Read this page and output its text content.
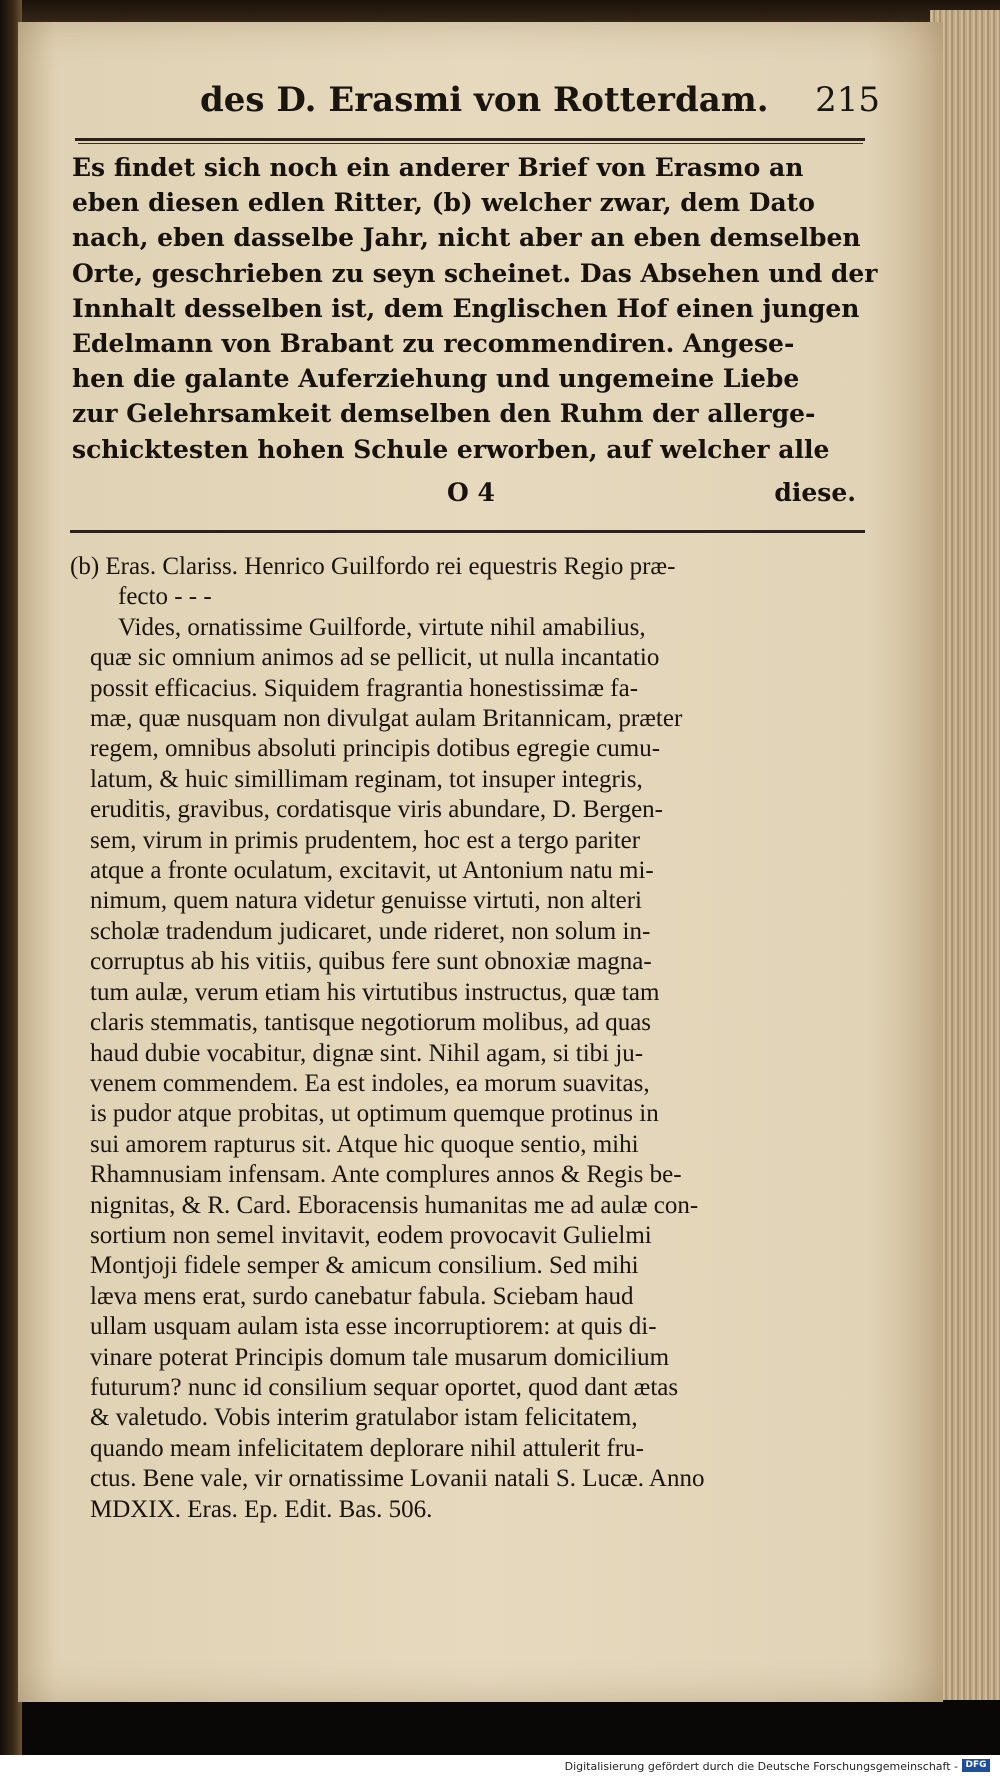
des D. Erasmi von Rotterdam. 215
Es findet sich noch ein anderer Brief von Erasmo an
eben diesen edlen Ritter, (b) welcher zwar, dem Dato
nach, eben dasselbe Jahr, nicht aber an eben demselben
Orte, geschrieben zu seyn scheinet. Das Absehen und der
Innhalt desselben ist, dem Englischen Hof einen jungen
Edelmann von Brabant zu recommendiren. Angese-
hen die galante Auferziehung und ungemeine Liebe
zur Gelehrsamkeit demselben den Ruhm der allerge-
schicktesten hohen Schule erworben, auf welcher alle
O 4	diese.
(b) Eras. Clariss. Henrico Guilfordo rei equestris Regio præ-
fecto - - -
Vides, ornatissime Guilforde, virtute nihil amabilius,
quæ sic omnium animos ad se pellicit, ut nulla incantatio
possit efficacius. Siquidem fragrantia honestissimæ fa-
mæ, quæ nusquam non divulgat aulam Britannicam, præter
regem, omnibus absoluti principis dotibus egregie cumu-
latum, & huic simillimam reginam, tot insuper integris,
eruditis, gravibus, cordatisque viris abundare, D. Bergen-
sem, virum in primis prudentem, hoc est a tergo pariter
atque a fronte oculatum, excitavit, ut Antonium natu mi-
nimum, quem natura videtur genuisse virtuti, non alteri
scholæ tradendum judicaret, unde rideret, non solum in-
corruptus ab his vitiis, quibus fere sunt obnoxiæ magna-
tum aulæ, verum etiam his virtutibus instructus, quæ tam
claris stemmatis, tantisque negotiorum molibus, ad quas
haud dubie vocabitur, dignæ sint. Nihil agam, si tibi ju-
venem commendem. Ea est indoles, ea morum suavitas,
is pudor atque probitas, ut optimum quemque protinus in
sui amorem rapturus sit. Atque hic quoque sentio, mihi
Rhamnusiam infensam. Ante complures annos & Regis be-
nignitas, & R. Card. Eboracensis humanitas me ad aulæ con-
sortium non semel invitavit, eodem provocavit Gulielmi
Montjoji fidele semper & amicum consilium. Sed mihi
læva mens erat, surdo canebatur fabula. Sciebam haud
ullam usquam aulam ista esse incorruptiorem: at quis di-
vinare poterat Principis domum tale musarum domicilium
futurum? nunc id consilium sequar oportet, quod dant ætas
& valetudo. Vobis interim gratulabor istam felicitatem,
quando meam infelicitatem deplorare nihil attulerit fru-
ctus. Bene vale, vir ornatissime Lovanii natali S. Lucæ. Anno
MDXIX. Eras. Ep. Edit. Bas. 506.
Digitalisierung gefördert durch die Deutsche Forschungsgemeinschaft - DFG
